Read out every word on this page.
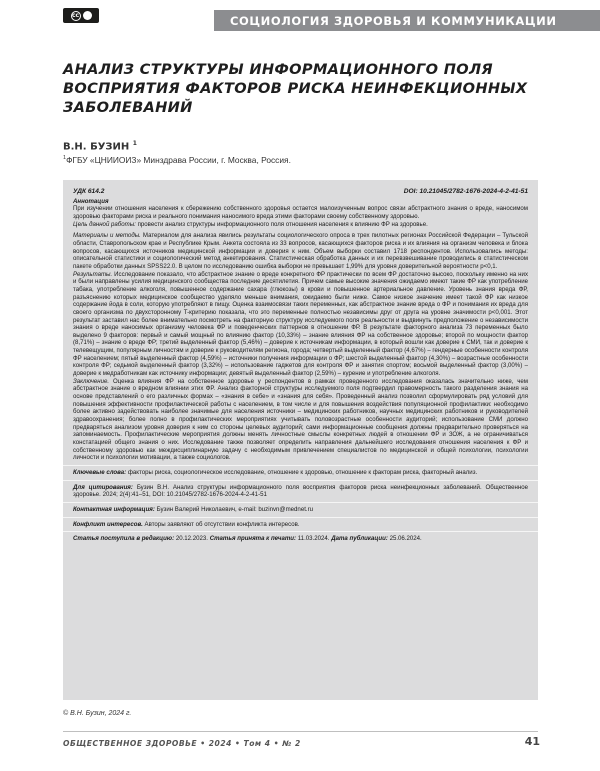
cc	СОЦИОЛОГИЯ ЗДОРОВЬЯ И КОММУНИКАЦИИ
АНАЛИЗ СТРУКТУРЫ ИНФОРМАЦИОННОГО ПОЛЯ ВОСПРИЯТИЯ ФАКТОРОВ РИСКА НЕИНФЕКЦИОННЫХ ЗАБОЛЕВАНИЙ
В.Н. БУЗИН $^1$
$^1$ФГБУ «ЦНИИОИЗ» Минздрава России, г. Москва, Россия.
УДК 614.2	DOI: 10.21045/2782-1676-2024-4-2-41-51

Аннотация

При изучении отношения населения к сбережению собственного здоровья остается малоизученным вопрос связи абстрактного знания о вреде, наносимом здоровью факторами риска и реального понимания наносимого вреда этими факторами своему собственному здоровью.

Цель данной работы: провести анализ структуры информационного поля отношения населения к влиянию ФР на здоровье.

Материалы и методы. Материалом для анализа явились результаты социологического опроса в трех пилотных регионах Российской Федерации – Тульской области, Ставропольском крае и Республике Крым. Анкета состояла из 33 вопросов, касающихся факторов риска и их влияния на организм человека и блока вопросов, касающихся источников медицинской информации и доверия к ним. Объем выборки составил 1718 респондентов. Использовались методы: описательной статистики и социологический метод анкетирования. Статистическая обработка данных и их перевзвешивание проводились в статистическом пакете обработки данных SPSS22.0. В целом по исследованию ошибка выборки не превышает 1,99% для уровня доверительной вероятности p<0,1.

Результаты. Исследование показало, что абстрактное знание о вреде конкретного ФР практически по всем ФР достаточно высоко, поскольку именно на них и были направлены усилия медицинского сообщества последние десятилетия. Причем самые высокие значения ожидаемо имеют такие ФР как употребление табака, употребление алкоголя, повышенное содержание сахара (глюкозы) в крови и повышенное артериальное давление. Уровень знания вреда ФР, разъяснению которых медицинское сообщество уделяло меньше внимания, ожидаемо были ниже. Самое низкое значение имеет такой ФР как низкое содержание йода в соли, которую употребляют в пищу. Оценка взаимосвязи таких переменных, как абстрактное знание вреда о ФР и понимания их вреда для своего организма по двухсторонному T-критерию показала, что это переменные полностью независимы друг от друга на уровне значимости p<0,001. Этот результат заставил нас более внимательно посмотреть на факторную структуру исследуемого поля реальности и выдвинуть предположение о независимости знания о вреде наносимых организму человека ФР и поведенческих паттернов в отношении ФР. В результате факторного анализа 73 переменных было выделено 9 факторов: первый и самый мощный по влиянию фактор (10,33%) – знание влияния ФР на собственное здоровье; второй по мощности фактор (8,71%) – знание о вреде ФР; третий выделенный фактор (5,46%) – доверие к источникам информации, в который вошли как доверие к СМИ, так и доверие к телевещущим, популярным личностям и доверие к руководителям региона, города; четвертый выделенный фактор (4,67%) – гендерные особенности контроля ФР населением; пятый выделенный фактор (4,59%) – источники получения информации о ФР; шестой выделенный фактор (4,30%) – возрастные особенности контроля ФР; седьмой выделенный фактор (3,32%) – использование гаджетов для контроля ФР и занятия спортом; восьмой выделенный фактор (3,00%) – доверие к медработникам как источнику информации; девятый выделенный фактор (2,59%) – курение и употребление алкоголя.

Заключение. Оценка влияния ФР на собственное здоровье у респондентов в рамках проведенного исследования оказалась значительно ниже, чем абстрактное знание о вредном влиянии этих ФР. Анализ факторной структуры исследуемого поля подтвердил правомерность такого разделения знания на основе представлений о его различных формах – «знания в себе» и «знания для себя». Проведенный анализ позволил сформулировать ряд условий для повышения эффективности профилактической работы с населением, в том числе и для повышения воздействия популяционной профилактики: необходимо более активно задействовать наиболее значимые для населения источники – медицинских работников, научных медицинских работников и руководителей здравоохранения; более полно в профилактических мероприятиях учитывать половозрастные особенности аудиторий; использование СМИ должно предваряться анализом уровня доверия к ним со стороны целевых аудиторий; сами информационные сообщения должны предварительно проверяться на запоминаемость. Профилактические мероприятия должны менять личностные смыслы конкретных людей в отношении ФР и ЗОЖ, а не ограничиваться констатацией общего знания о них. Исследование также позволяет определить направления дальнейшего исследования отношения населения к ФР и собственному здоровью как междисциплинарную задачу с необходимым привлечением специалистов по медицинской и общей психологии, психологии личности и психологии мотивации, а также социологов.

Ключевые слова: факторы риска, социологическое исследование, отношение к здоровью, отношение к факторам риска, факторный анализ.

Для цитирования: Бузин В.Н. Анализ структуры информационного поля восприятия факторов риска неинфекционных заболеваний. Общественное здоровье. 2024; 2(4):41–51, DOI: 10.21045/2782-1676-2024-4-2-41-51

Контактная информация: Бузин Валерий Николаевич, e-mail: buzinvn@mednet.ru

Конфликт интересов. Авторы заявляют об отсутствии конфликта интересов.

Статья поступила в редакцию: 20.12.2023. Статья принята к печати: 11.03.2024. Дата публикации: 25.06.2024.

© В.Н. Бузин, 2024 г.
ОБЩЕСТВЕННОЕ ЗДОРОВЬЕ • 2024 • Том 4 • № 2	41
